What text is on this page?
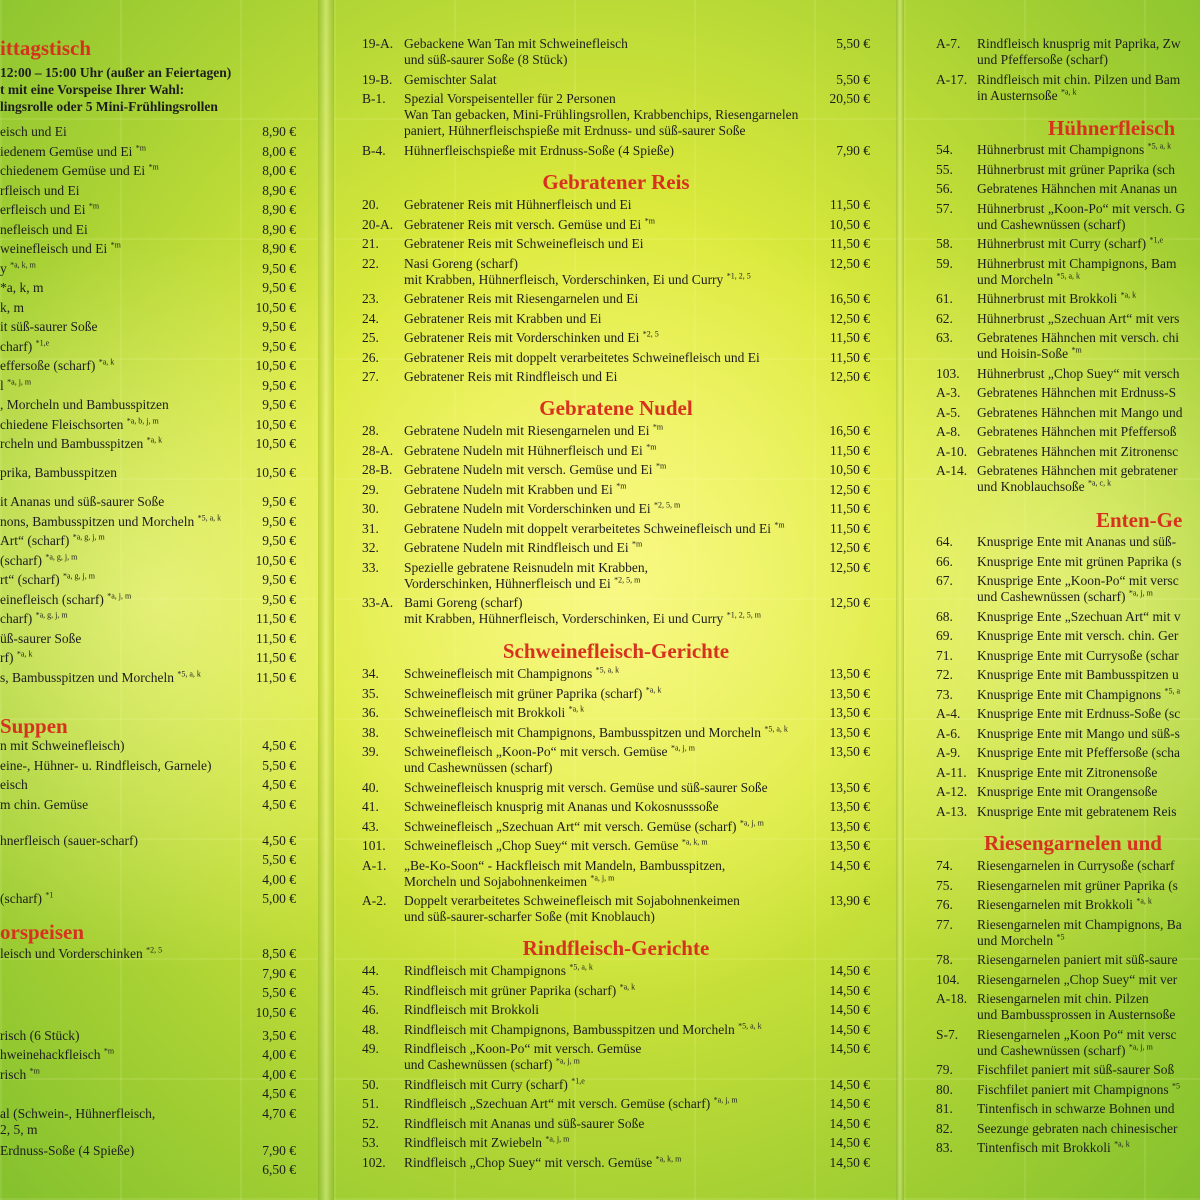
ittagstisch
12:00 – 15:00 Uhr (außer an Feiertagen)
t mit eine Vorspeise Ihrer Wahl:
lingsrolle oder 5 Mini-Frühlingsrollen
eisch und Ei	8,90 €
iedenem Gemüse und Ei $^{*m}$	8,00 €
chiedenem Gemüse und Ei $^{*m}$	8,00 €
rfleisch und Ei	8,90 €
erfleisch und Ei $^{*m}$	8,90 €
nefleisch und Ei	8,90 €
weinefleisch und Ei $^{*m}$	8,90 €
y $^{*a, k, m}$	9,50 €
*a, k, m	9,50 €
k, m	10,50 €
it süß-saurer Soße	9,50 €
charf) $^{*1,e}$	9,50 €
effersoße (scharf) $^{*a, k}$	10,50 €
l $^{*a, j, m}$	9,50 €
, Morcheln und Bambusspitzen	9,50 €
chiedene Fleischsorten $^{*a, b, j, m}$	10,50 €
rcheln und Bambusspitzen $^{*a, k}$	10,50 €
prika, Bambusspitzen	10,50 €
it Ananas und süß-saurer Soße	9,50 €
nons, Bambusspitzen und Morcheln $^{*5, a, k}$	9,50 €
Art“ (scharf) $^{*a, g, j, m}$	9,50 €
(scharf) $^{*a, g, j, m}$	10,50 €
rt“ (scharf) $^{*a, g, j, m}$	9,50 €
einefleisch (scharf) $^{*a, j, m}$	9,50 €
charf) $^{*a, g, j, m}$	11,50 €
üß-saurer Soße	11,50 €
rf) $^{*a, k}$	11,50 €
s, Bambusspitzen und Morcheln $^{*5, a, k}$	11,50 €
Suppen
n mit Schweinefleisch)	4,50 €
eine-, Hühner- u. Rindfleisch, Garnele)	5,50 €
eisch	4,50 €
m chin. Gemüse	4,50 €
hnerfleisch (sauer-scharf)	4,50 €
5,50 €
4,00 €
(scharf) $^{*1}$	5,00 €
orspeisen
leisch und Vorderschinken $^{*2, 5}$	8,50 €
7,90 €
5,50 €
10,50 €
risch (6 Stück)	3,50 €
hweinehackfleisch $^{*m}$	4,00 €
risch $^{*m}$	4,00 €
4,50 €
al (Schwein-, Hühnerfleisch,	4,70 €
2, 5, m
Erdnuss-Soße (4 Spieße)	7,90 €
6,50 €
19-A. Gebackene Wan Tan mit Schweinefleisch
und süß-saurer Soße (8 Stück)
5,50 €
19-B. Gemischter Salat	5,50 €
B-1. Spezial Vorspeisenteller für 2 Personen
Wan Tan gebacken, Mini-Frühlingsrollen, Krabbenchips, Riesengarnelen
paniert, Hühnerfleischspieße mit Erdnuss- und süß-saurer Soße
20,50 €
B-4. Hühnerfleischspieße mit Erdnuss-Soße (4 Spieße)	7,90 €
Gebratener Reis
20. Gebratener Reis mit Hühnerfleisch und Ei	11,50 €
20-A. Gebratener Reis mit versch. Gemüse und Ei $^{*m}$	10,50 €
21. Gebratener Reis mit Schweinefleisch und Ei	11,50 €
22. Nasi Goreng (scharf)
mit Krabben, Hühnerfleisch, Vorderschinken, Ei und Curry $^{*1, 2, 5}$
12,50 €
23. Gebratener Reis mit Riesengarnelen und Ei	16,50 €
24. Gebratener Reis mit Krabben und Ei	12,50 €
25. Gebratener Reis mit Vorderschinken und Ei $^{*2, 5}$	11,50 €
26. Gebratener Reis mit doppelt verarbeitetes Schweinefleisch und Ei	11,50 €
27. Gebratener Reis mit Rindfleisch und Ei	12,50 €
Gebratene Nudel
28. Gebratene Nudeln mit Riesengarnelen und Ei $^{*m}$	16,50 €
28-A. Gebratene Nudeln mit Hühnerfleisch und Ei $^{*m}$	11,50 €
28-B. Gebratene Nudeln mit versch. Gemüse und Ei $^{*m}$	10,50 €
29. Gebratene Nudeln mit Krabben und Ei $^{*m}$	12,50 €
30. Gebratene Nudeln mit Vorderschinken und Ei $^{*2, 5, m}$	11,50 €
31. Gebratene Nudeln mit doppelt verarbeitetes Schweinefleisch und Ei $^{*m}$	11,50 €
32. Gebratene Nudeln mit Rindfleisch und Ei $^{*m}$	12,50 €
33. Spezielle gebratene Reisnudeln mit Krabben,
Vorderschinken, Hühnerfleisch und Ei $^{*2, 5, m}$
12,50 €
33-A. Bami Goreng (scharf)
mit Krabben, Hühnerfleisch, Vorderschinken, Ei und Curry $^{*1, 2, 5, m}$
12,50 €
Schweinefleisch-Gerichte
34. Schweinefleisch mit Champignons $^{*5, a, k}$	13,50 €
35. Schweinefleisch mit grüner Paprika (scharf) $^{*a, k}$	13,50 €
36. Schweinefleisch mit Brokkoli $^{*a, k}$	13,50 €
38. Schweinefleisch mit Champignons, Bambusspitzen und Morcheln $^{*5, a, k}$	13,50 €
39. Schweinefleisch „Koon-Po“ mit versch. Gemüse $^{*a, j, m}$
und Cashewnüssen (scharf)
13,50 €
40. Schweinefleisch knusprig mit versch. Gemüse und süß-saurer Soße	13,50 €
41. Schweinefleisch knusprig mit Ananas und Kokosnusssoße	13,50 €
43. Schweinefleisch „Szechuan Art“ mit versch. Gemüse (scharf) $^{*a, j, m}$	13,50 €
101. Schweinefleisch „Chop Suey“ mit versch. Gemüse $^{*a, k, m}$	13,50 €
A-1. „Be-Ko-Soon“ - Hackfleisch mit Mandeln, Bambusspitzen,
Morcheln und Sojabohnenkeimen $^{*a, j, m}$
14,50 €
A-2. Doppelt verarbeitetes Schweinefleisch mit Sojabohnenkeimen
und süß-saurer-scharfer Soße (mit Knoblauch)
13,90 €
Rindfleisch-Gerichte
44. Rindfleisch mit Champignons $^{*5, a, k}$	14,50 €
45. Rindfleisch mit grüner Paprika (scharf) $^{*a, k}$	14,50 €
46. Rindfleisch mit Brokkoli	14,50 €
48. Rindfleisch mit Champignons, Bambusspitzen und Morcheln $^{*5, a, k}$	14,50 €
49. Rindfleisch „Koon-Po“ mit versch. Gemüse
und Cashewnüssen (scharf) $^{*a, j, m}$
14,50 €
50. Rindfleisch mit Curry (scharf) $^{*1,e}$	14,50 €
51. Rindfleisch „Szechuan Art“ mit versch. Gemüse (scharf) $^{*a, j, m}$	14,50 €
52. Rindfleisch mit Ananas und süß-saurer Soße	14,50 €
53. Rindfleisch mit Zwiebeln $^{*a, j, m}$	14,50 €
102. Rindfleisch „Chop Suey“ mit versch. Gemüse $^{*a, k, m}$	14,50 €
A-7. Rindfleisch knusprig mit Paprika, Zw
und Pfeffersoße (scharf)
A-17. Rindfleisch mit chin. Pilzen und Bam
in Austernsoße $^{*a, k}$
Hühnerfleisch
54. Hühnerbrust mit Champignons $^{*5, a, k}$
55. Hühnerbrust mit grüner Paprika (sch
56. Gebratenes Hähnchen mit Ananas un
57. Hühnerbrust „Koon-Po“ mit versch. G
und Cashewnüssen (scharf)
58. Hühnerbrust mit Curry (scharf) $^{*1,e}$
59. Hühnerbrust mit Champignons, Bam
und Morcheln $^{*5, a, k}$
61. Hühnerbrust mit Brokkoli $^{*a, k}$
62. Hühnerbrust „Szechuan Art“ mit vers
63. Gebratenes Hähnchen mit versch. chi
und Hoisin-Soße $^{*m}$
103. Hühnerbrust „Chop Suey“ mit versch
A-3. Gebratenes Hähnchen mit Erdnuss-S
A-5. Gebratenes Hähnchen mit Mango und
A-8. Gebratenes Hähnchen mit Pfeffersoß
A-10. Gebratenes Hähnchen mit Zitronensc
A-14. Gebratenes Hähnchen mit gebratener
und Knoblauchsoße $^{*a, c, k}$
Enten-Ge
64. Knusprige Ente mit Ananas und süß-
66. Knusprige Ente mit grünen Paprika (s
67. Knusprige Ente „Koon-Po“ mit versc
und Cashewnüssen (scharf) $^{*a, j, m}$
68. Knusprige Ente „Szechuan Art“ mit v
69. Knusprige Ente mit versch. chin. Ger
71. Knusprige Ente mit Currysoße (schar
72. Knusprige Ente mit Bambusspitzen u
73. Knusprige Ente mit Champignons $^{*5, a}$
A-4. Knusprige Ente mit Erdnuss-Soße (sc
A-6. Knusprige Ente mit Mango und süß-s
A-9. Knusprige Ente mit Pfeffersoße (scha
A-11. Knusprige Ente mit Zitronensoße
A-12. Knusprige Ente mit Orangensoße
A-13. Knusprige Ente mit gebratenem Reis
Riesengarnelen und
74. Riesengarnelen in Currysoße (scharf
75. Riesengarnelen mit grüner Paprika (s
76. Riesengarnelen mit Brokkoli $^{*a, k}$
77. Riesengarnelen mit Champignons, Ba
und Morcheln $^{*5}$
78. Riesengarnelen paniert mit süß-saure
104. Riesengarnelen „Chop Suey“ mit ver
A-18. Riesengarnelen mit chin. Pilzen
und Bambussprossen in Austernsoße
S-7. Riesengarnelen „Koon Po“ mit versc
und Cashewnüssen (scharf) $^{*a, j, m}$
79. Fischfilet paniert mit süß-saurer Soß
80. Fischfilet paniert mit Champignons $^{*5}$
81. Tintenfisch in schwarze Bohnen und
82. Seezunge gebraten nach chinesischer
83. Tintenfisch mit Brokkoli $^{*a, k}$
